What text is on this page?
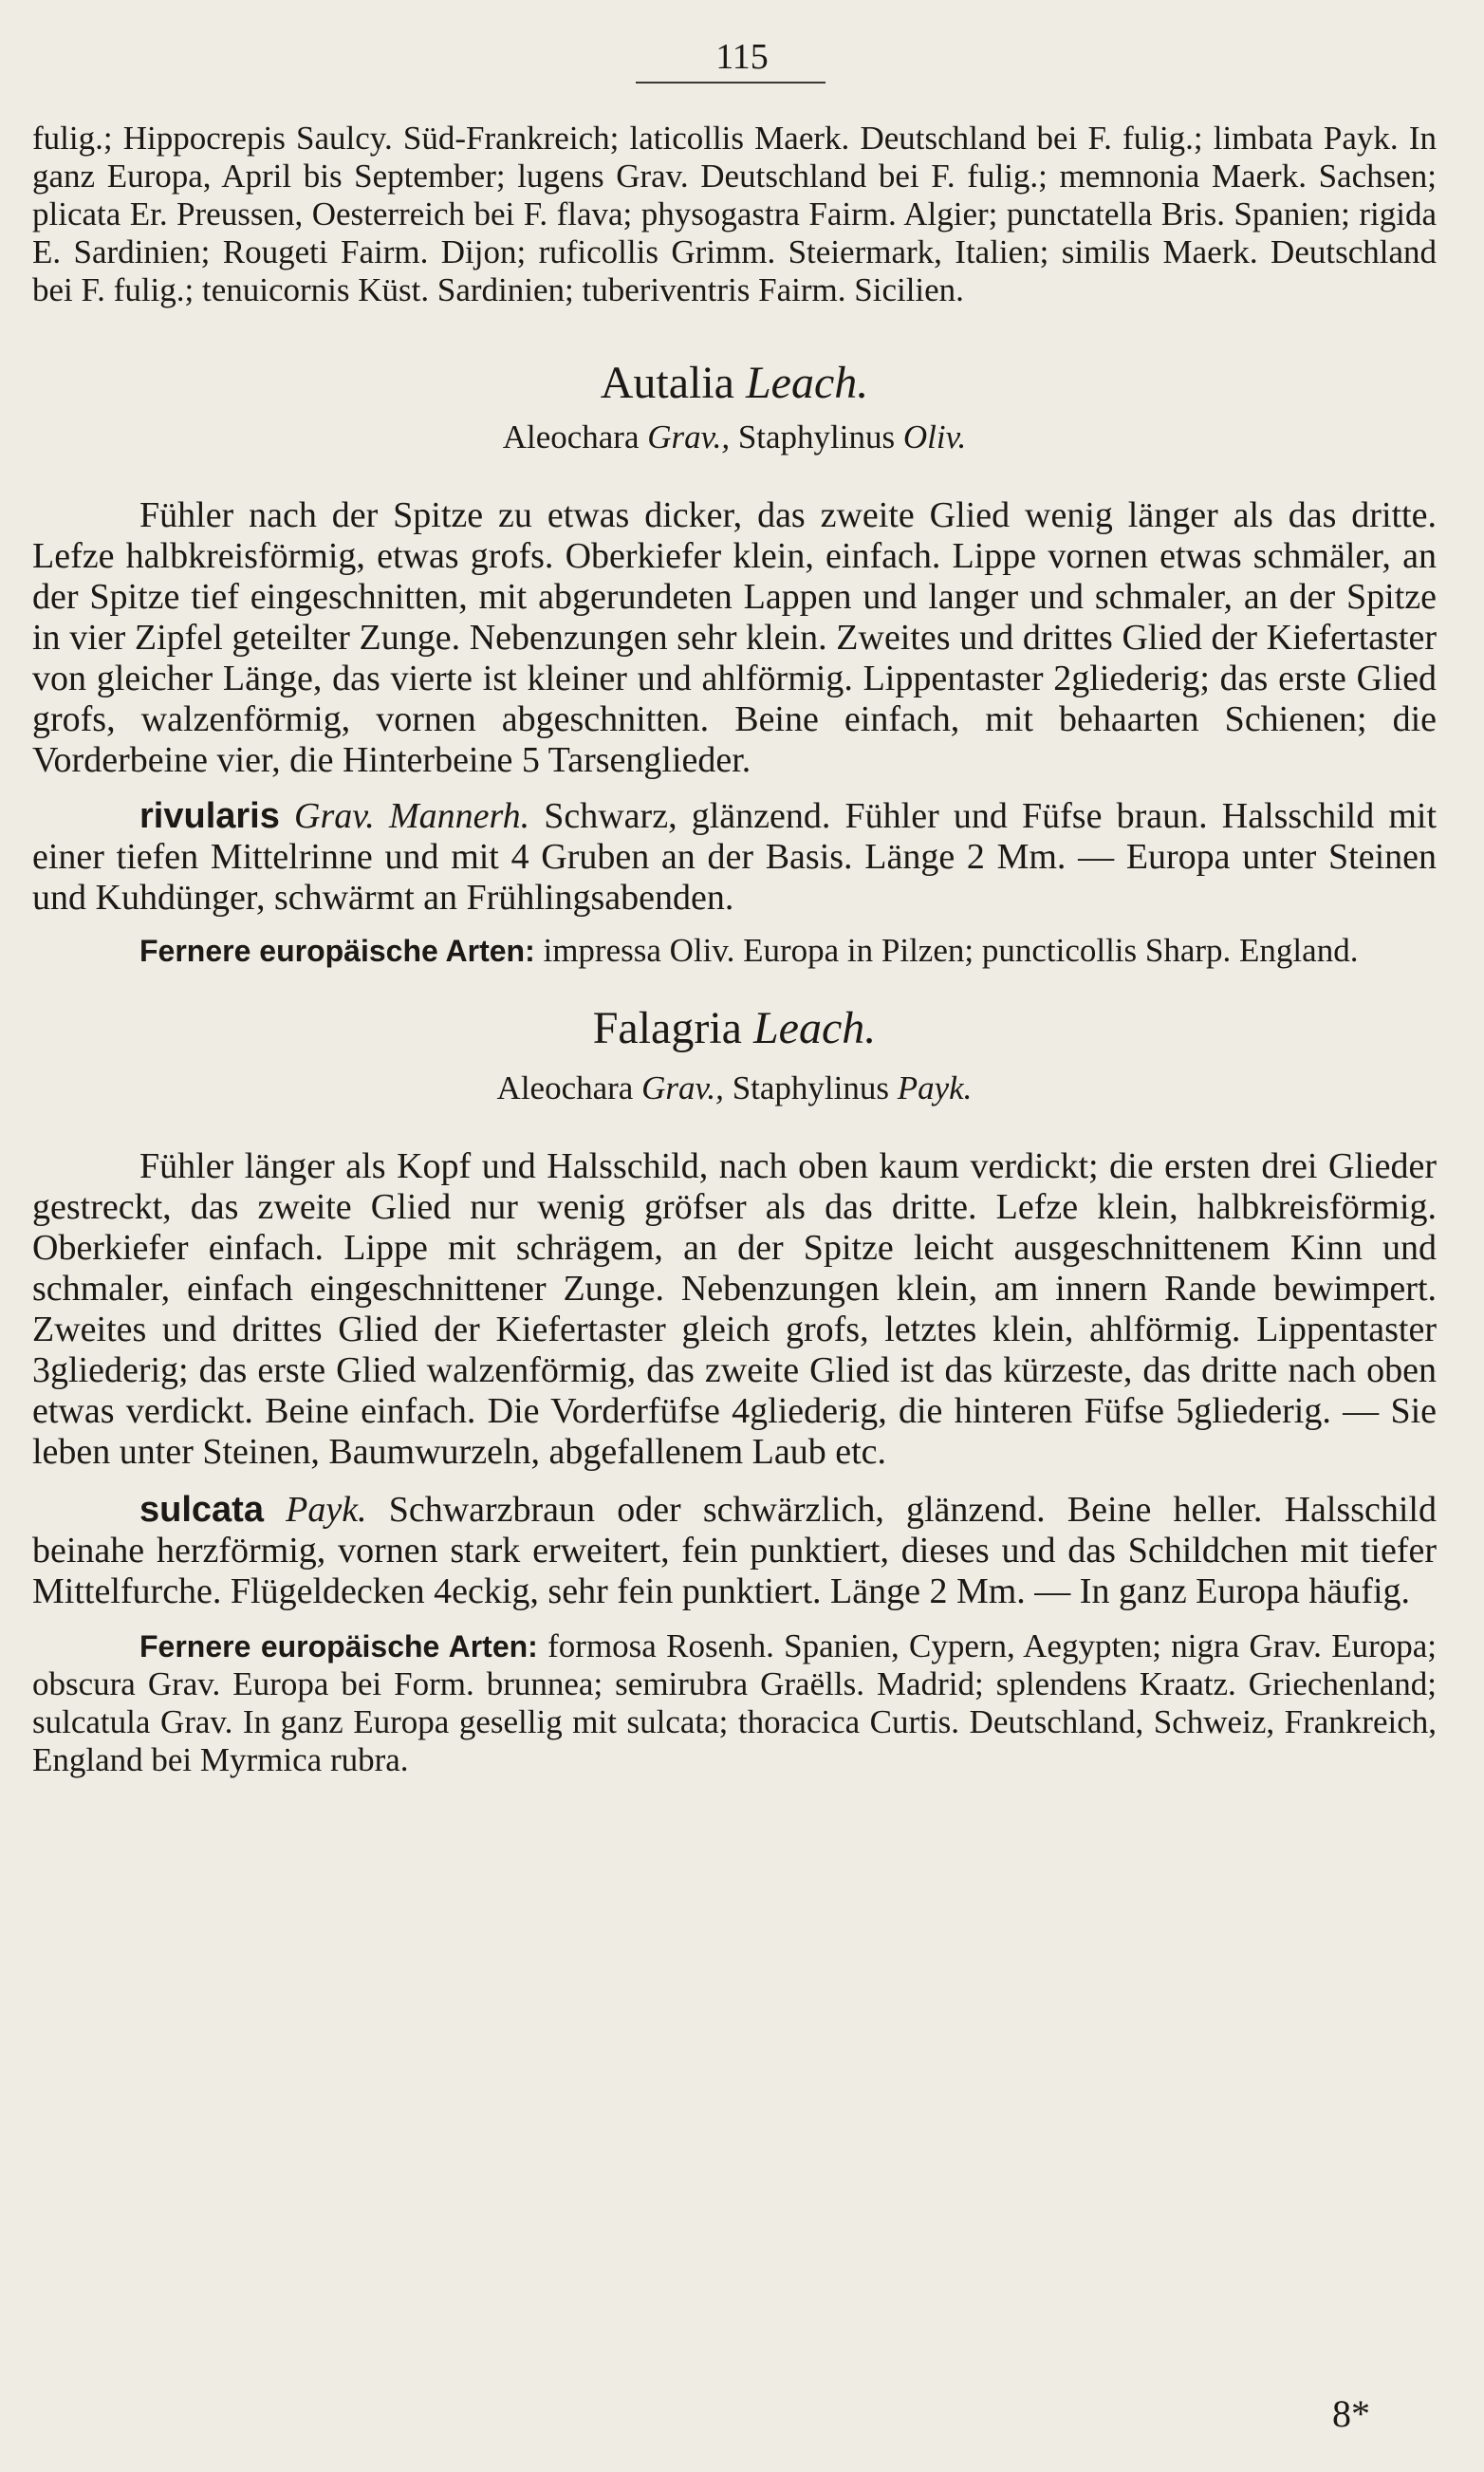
115

fulig.; Hippocrepis Saulcy. Süd-Frankreich; laticollis Maerk. Deutschland bei F. fulig.; limbata Payk. In ganz Europa, April bis September; lugens Grav. Deutschland bei F. fulig.; memnonia Maerk. Sachsen; plicata Er. Preussen, Oesterreich bei F. flava; physogastra Fairm. Algier; punctatella Bris. Spanien; rigida E. Sardinien; Rougeti Fairm. Dijon; ruficollis Grimm. Steiermark, Italien; similis Maerk. Deutschland bei F. fulig.; tenuicornis Küst. Sardinien; tuberiventris Fairm. Sicilien.

Autalia Leach.
Aleochara Grav., Staphylinus Oliv.

Fühler nach der Spitze zu etwas dicker, das zweite Glied wenig länger als das dritte. Lefze halbkreisförmig, etwas grofs. Oberkiefer klein, einfach. Lippe vornen etwas schmäler, an der Spitze tief eingeschnitten, mit abgerundeten Lappen und langer und schmaler, an der Spitze in vier Zipfel geteilter Zunge. Nebenzungen sehr klein. Zweites und drittes Glied der Kiefertaster von gleicher Länge, das vierte ist kleiner und ahlförmig. Lippentaster 2gliederig; das erste Glied grofs, walzenförmig, vornen abgeschnitten. Beine einfach, mit behaarten Schienen; die Vorderbeine vier, die Hinterbeine 5 Tarsenglieder.

rivularis Grav. Mannerh. Schwarz, glänzend. Fühler und Füfse braun. Halsschild mit einer tiefen Mittelrinne und mit 4 Gruben an der Basis. Länge 2 Mm. — Europa unter Steinen und Kuhdünger, schwärmt an Frühlingsabenden.

Fernere europäische Arten: impressa Oliv. Europa in Pilzen; puncticollis Sharp. England.

Falagria Leach.
Aleochara Grav., Staphylinus Payk.

Fühler länger als Kopf und Halsschild, nach oben kaum verdickt; die ersten drei Glieder gestreckt, das zweite Glied nur wenig gröfser als das dritte. Lefze klein, halbkreisförmig. Oberkiefer einfach. Lippe mit schrägem, an der Spitze leicht ausgeschnittenem Kinn und schmaler, einfach eingeschnittener Zunge. Nebenzungen klein, am innern Rande bewimpert. Zweites und drittes Glied der Kiefertaster gleich grofs, letztes klein, ahlförmig. Lippentaster 3gliederig; das erste Glied walzenförmig, das zweite Glied ist das kürzeste, das dritte nach oben etwas verdickt. Beine einfach. Die Vorderfüfse 4gliederig, die hinteren Füfse 5gliederig. — Sie leben unter Steinen, Baumwurzeln, abgefallenem Laub etc.

sulcata Payk. Schwarzbraun oder schwärzlich, glänzend. Beine heller. Halsschild beinahe herzförmig, vornen stark erweitert, fein punktiert, dieses und das Schildchen mit tiefer Mittelfurche. Flügeldecken 4eckig, sehr fein punktiert. Länge 2 Mm. — In ganz Europa häufig.

Fernere europäische Arten: formosa Rosenh. Spanien, Cypern, Aegypten; nigra Grav. Europa; obscura Grav. Europa bei Form. brunnea; semirubra Graëlls. Madrid; splendens Kraatz. Griechenland; sulcatula Grav. In ganz Europa gesellig mit sulcata; thoracica Curtis. Deutschland, Schweiz, Frankreich, England bei Myrmica rubra.

8*
